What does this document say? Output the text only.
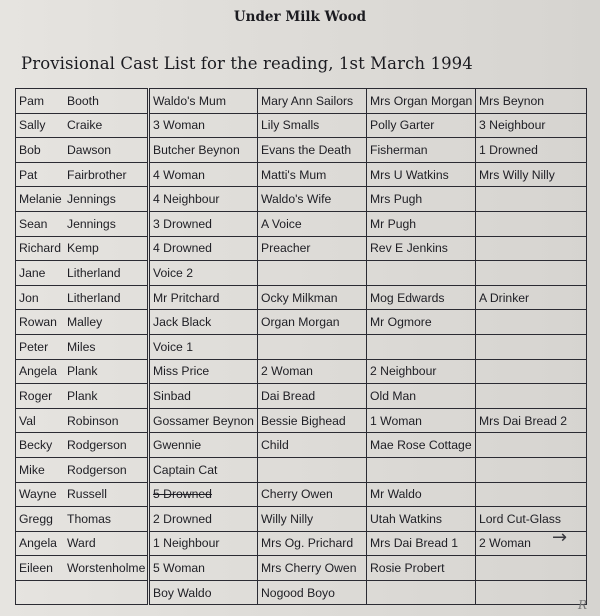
Under Milk Wood
Provisional Cast List for the reading, 1st March 1994
Pam Booth	Waldo's Mum	Mary Ann Sailors	Mrs Organ Morgan	Mrs Beynon
Sally Craike	3 Woman	Lily Smalls	Polly Garter	3 Neighbour
Bob Dawson	Butcher Beynon	Evans the Death	Fisherman	1 Drowned
Pat Fairbrother	4 Woman	Matti's Mum	Mrs U Watkins	Mrs Willy Nilly
Melanie Jennings	4 Neighbour	Waldo's Wife	Mrs Pugh	
Sean Jennings	3 Drowned	A Voice	Mr Pugh	
Richard Kemp	4 Drowned	Preacher	Rev E Jenkins	
Jane Litherland	Voice 2			
Jon Litherland	Mr Pritchard	Ocky Milkman	Mog Edwards	A Drinker
Rowan Malley	Jack Black	Organ Morgan	Mr Ogmore	
Peter Miles	Voice 1			
Angela Plank	Miss Price	2 Woman	2 Neighbour	
Roger Plank	Sinbad	Dai Bread	Old Man	
Val Robinson	Gossamer Beynon	Bessie Bighead	1 Woman	Mrs Dai Bread 2
Becky Rodgerson	Gwennie	Child	Mae Rose Cottage	
Mike Rodgerson	Captain Cat			
Wayne Russell	5 Drowned	Cherry Owen	Mr Waldo	
Gregg Thomas	2 Drowned	Willy Nilly	Utah Watkins	Lord Cut-Glass
Angela Ward	1 Neighbour	Mrs Og. Prichard	Mrs Dai Bread 1	2 Woman
Eileen Worstenholme	5 Woman	Mrs Cherry Owen	Rosie Probert	
	Boy Waldo	Nogood Boyo		
→
R
